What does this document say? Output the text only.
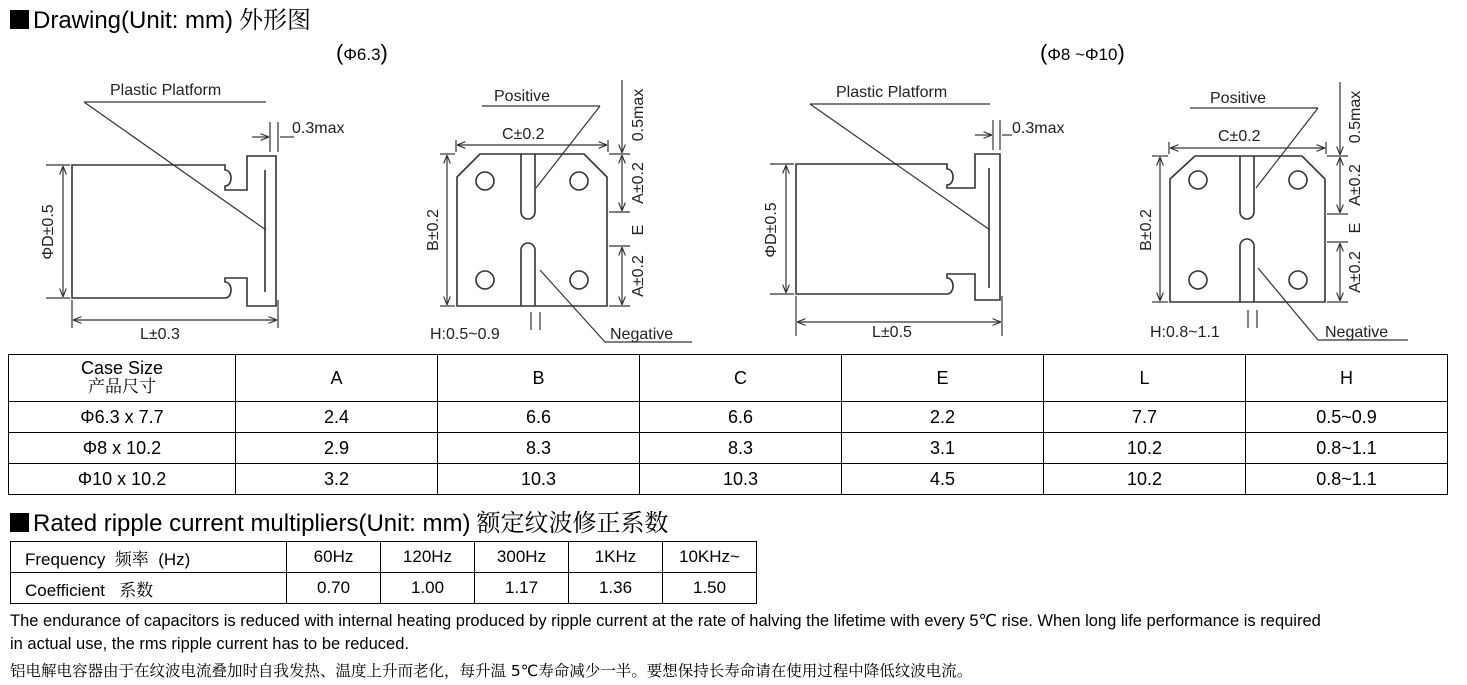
Drawing(Unit: mm) 外形图
(Φ6.3)	(Φ8 ~Φ10)
Plastic Platform
0.3max
L±0.3
ΦD±0.5
Positive
C±0.2
B±0.2
A±0.2
E
A±0.2
0.5max
H:0.5~0.9	Negative
Plastic Platform
0.3max
L±0.5
ΦD±0.5
Positive
C±0.2
B±0.2
A±0.2
E
A±0.2
0.5max
H:0.8~1.1	Negative
Case Size
产品尺寸	A	B	C	E	L	H
Φ6.3 x 7.7	2.4	6.6	6.6	2.2	7.7	0.5~0.9
Φ8 x 10.2	2.9	8.3	8.3	3.1	10.2	0.8~1.1
Φ10 x 10.2	3.2	10.3	10.3	4.5	10.2	0.8~1.1
Rated ripple current multipliers(Unit: mm) 额定纹波修正系数
Frequency 频率 (Hz)	60Hz	120Hz	300Hz	1KHz	10KHz~
Coefficient 系数	0.70	1.00	1.17	1.36	1.50
The endurance of capacitors is reduced with internal heating produced by ripple current at the rate of halving the lifetime with every 5℃ rise. When long life performance is required
in actual use, the rms ripple current has to be reduced.
铝电解电容器由于在纹波电流叠加时自我发热、温度上升而老化，每升温 5℃寿命减少一半。要想保持长寿命请在使用过程中降低纹波电流。
